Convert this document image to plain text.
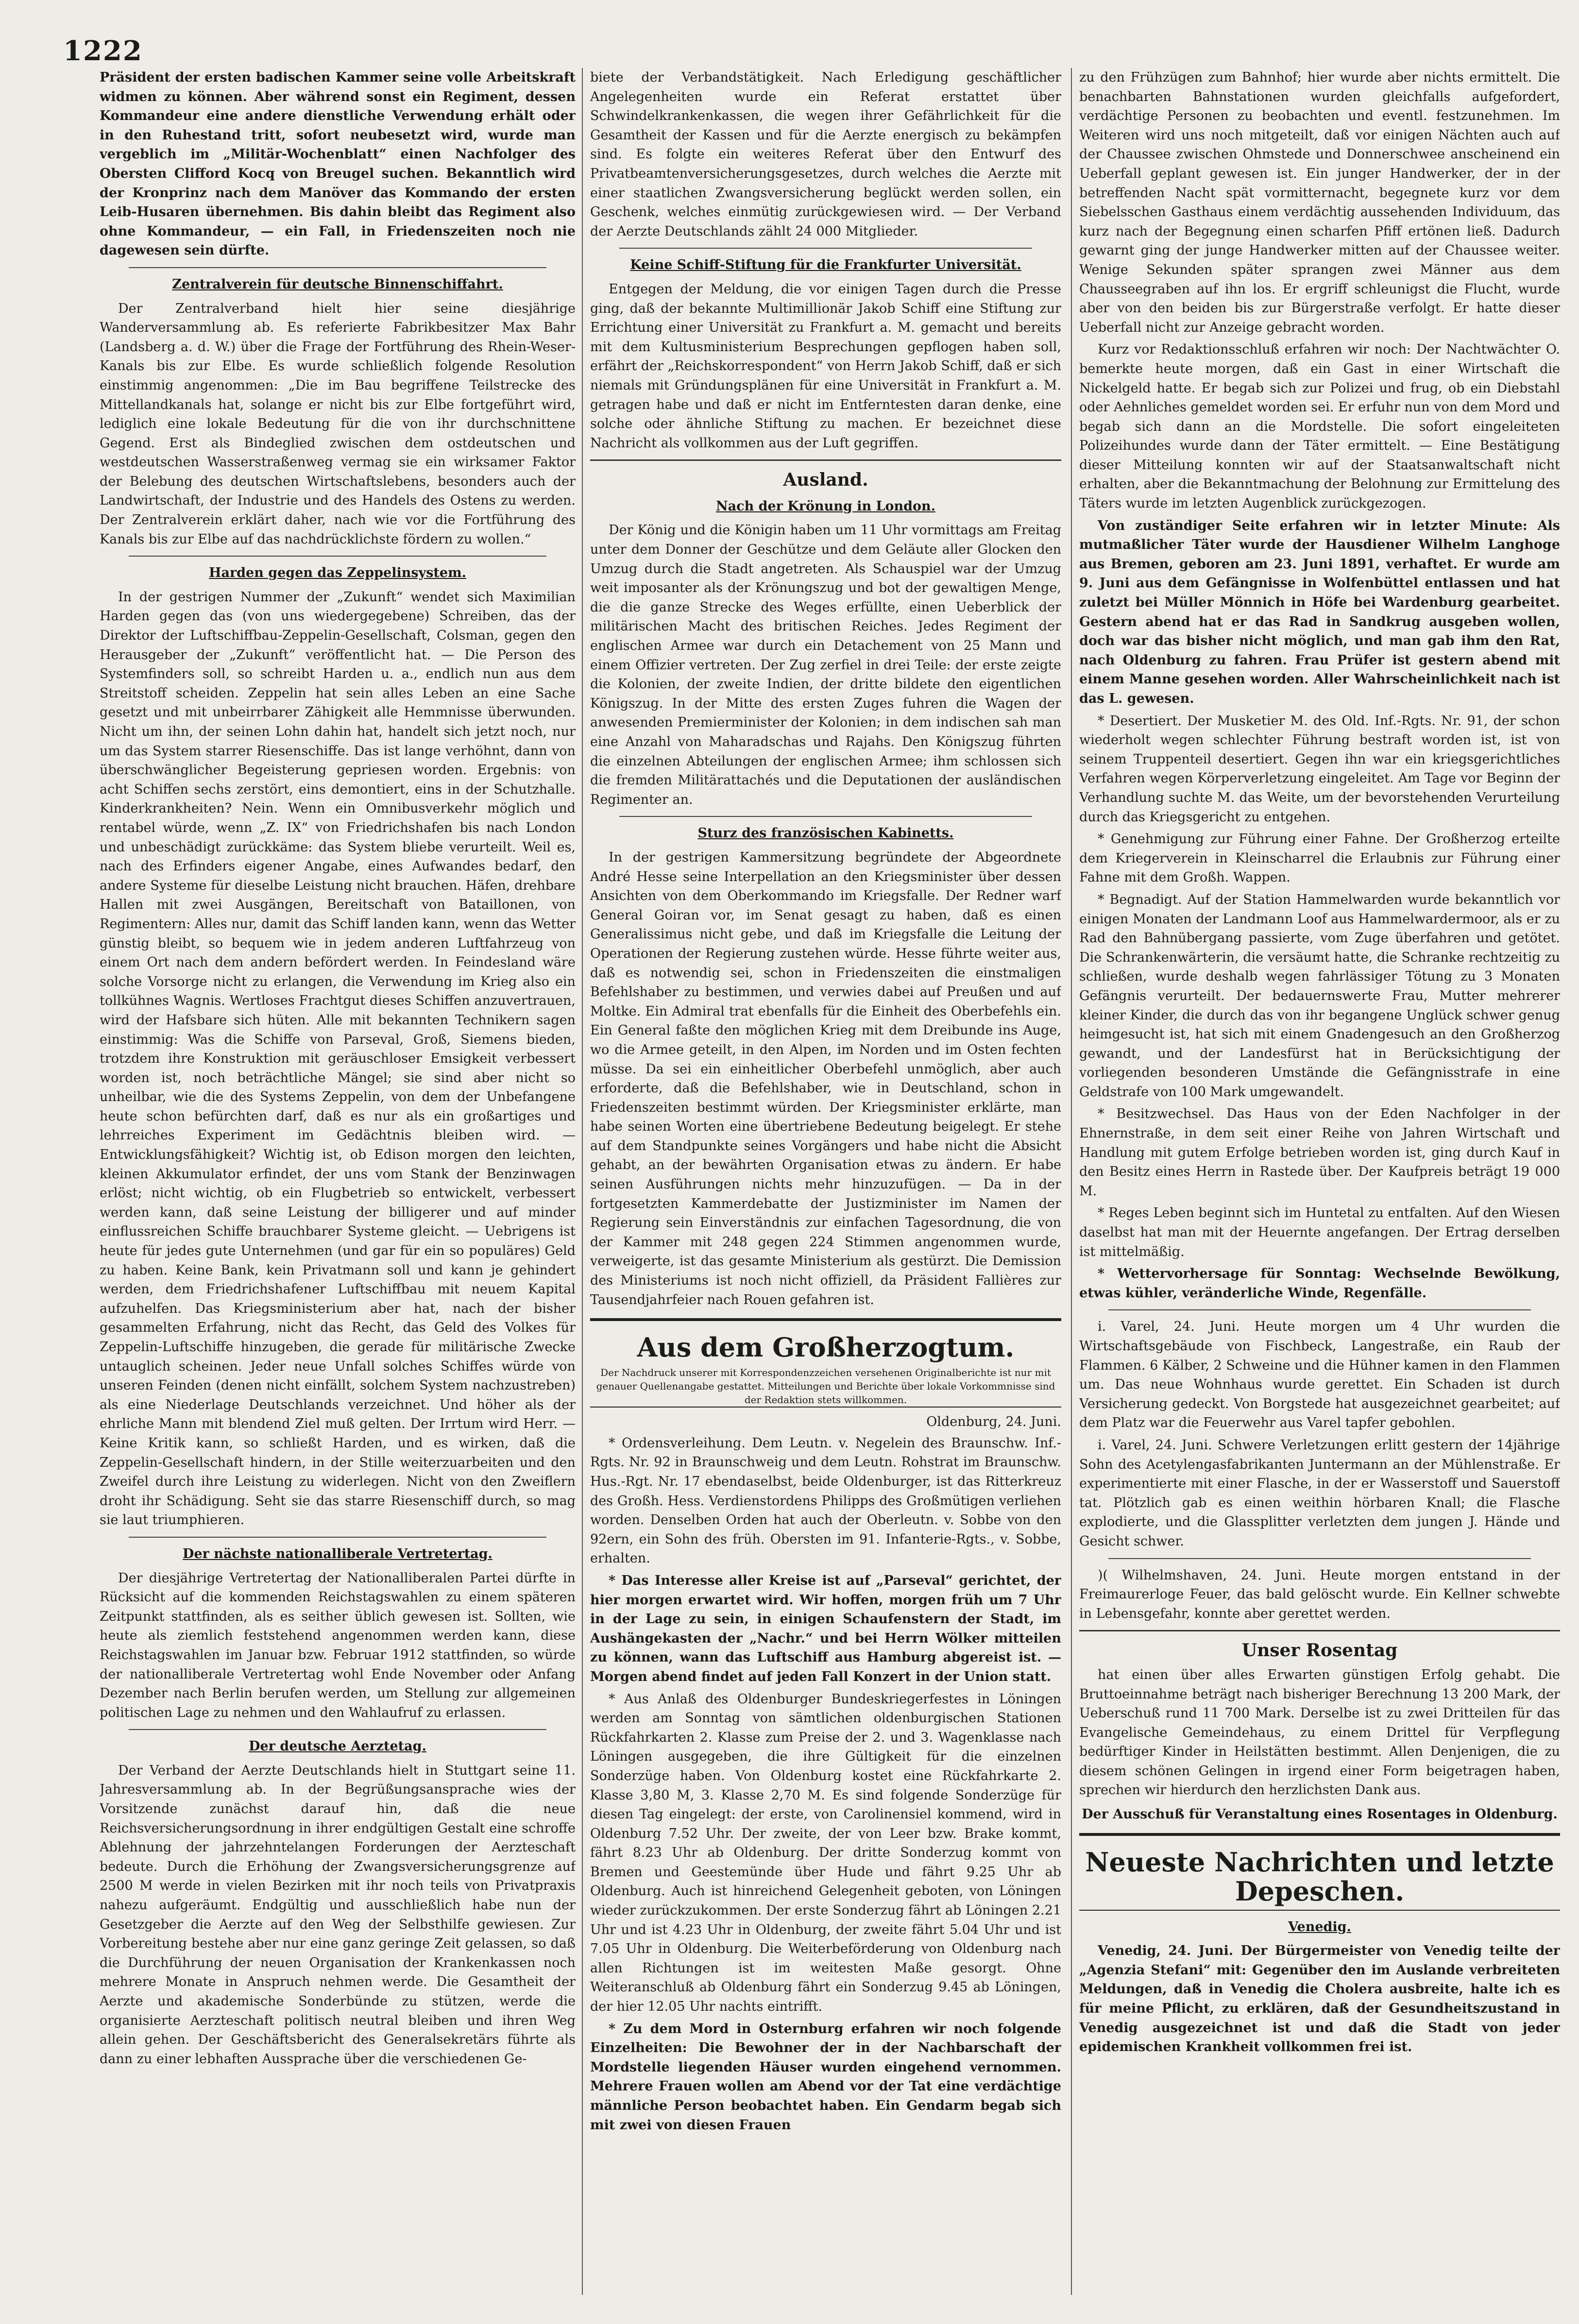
1222

Präsident der ersten badischen Kammer seine volle Arbeitskraft widmen zu können. Aber während sonst ein Regiment, dessen Kommandeur eine andere dienstliche Verwendung erhält oder in den Ruhestand tritt, sofort neubesetzt wird, wurde man vergeblich im „Militär-Wochenblatt“ einen Nachfolger des Obersten Clifford Kocq von Breugel suchen. Bekanntlich wird der Kronprinz nach dem Manöver das Kommando der ersten Leib-Husaren übernehmen. Bis dahin bleibt das Regiment also ohne Kommandeur, — ein Fall, in Friedenszeiten noch nie dagewesen sein dürfte.

Zentralverein für deutsche Binnenschiffahrt.

Der Zentralverband hielt hier seine diesjährige Wanderversammlung ab. Es referierte Fabrikbesitzer Max Bahr (Landsberg a. d. W.) über die Frage der Fortführung des Rhein-Weser-Kanals bis zur Elbe. Es wurde schließlich folgende Resolution einstimmig angenommen: „Die im Bau begriffene Teilstrecke des Mittellandkanals hat, solange er nicht bis zur Elbe fortgeführt wird, lediglich eine lokale Bedeutung für die von ihr durchschnittene Gegend. Erst als Bindeglied zwischen dem ostdeutschen und westdeutschen Wasserstraßenweg vermag sie ein wirksamer Faktor der Belebung des deutschen Wirtschaftslebens, besonders auch der Landwirtschaft, der Industrie und des Handels des Ostens zu werden. Der Zentralverein erklärt daher, nach wie vor die Fortführung des Kanals bis zur Elbe auf das nachdrücklichste fördern zu wollen.“

Harden gegen das Zeppelinsystem.

In der gestrigen Nummer der „Zukunft“ wendet sich Maximilian Harden gegen das (von uns wiedergegebene) Schreiben, das der Direktor der Luftschiffbau-Zeppelin-Gesellschaft, Colsman, gegen den Herausgeber der „Zukunft“ veröffentlicht hat. — Die Person des Systemfinders soll, so schreibt Harden u. a., endlich nun aus dem Streitstoff scheiden. Zeppelin hat sein alles Leben an eine Sache gesetzt und mit unbeirrbarer Zähigkeit alle Hemmnisse überwunden. Nicht um ihn, der seinen Lohn dahin hat, handelt sich jetzt noch, nur um das System starrer Riesenschiffe. Das ist lange verhöhnt, dann von überschwänglicher Begeisterung gepriesen worden. Ergebnis: von acht Schiffen sechs zerstört, eins demontiert, eins in der Schutzhalle. Kinderkrankheiten? Nein. Wenn ein Omnibusverkehr möglich und rentabel würde, wenn „Z. IX“ von Friedrichshafen bis nach London und unbeschädigt zurückkäme: das System bliebe verurteilt. Weil es, nach des Erfinders eigener Angabe, eines Aufwandes bedarf, den andere Systeme für dieselbe Leistung nicht brauchen. Häfen, drehbare Hallen mit zwei Ausgängen, Bereitschaft von Bataillonen, von Regimentern: Alles nur, damit das Schiff landen kann, wenn das Wetter günstig bleibt, so bequem wie in jedem anderen Luftfahrzeug von einem Ort nach dem andern befördert werden. In Feindesland wäre solche Vorsorge nicht zu erlangen, die Verwendung im Krieg also ein tollkühnes Wagnis. Wertloses Frachtgut dieses Schiffen anzuvertrauen, wird der Hafsbare sich hüten. Alle mit bekannten Technikern sagen einstimmig: Was die Schiffe von Parseval, Groß, Siemens bieden, trotzdem ihre Konstruktion mit geräuschloser Emsigkeit verbessert worden ist, noch beträchtliche Mängel; sie sind aber nicht so unheilbar, wie die des Systems Zeppelin, von dem der Unbefangene heute schon befürchten darf, daß es nur als ein großartiges und lehrreiches Experiment im Gedächtnis bleiben wird. — Entwicklungsfähigkeit? Wichtig ist, ob Edison morgen den leichten, kleinen Akkumulator erfindet, der uns vom Stank der Benzinwagen erlöst; nicht wichtig, ob ein Flugbetrieb so entwickelt, verbessert werden kann, daß seine Leistung der billigerer und auf minder einflussreichen Schiffe brauchbarer Systeme gleicht. — Uebrigens ist heute für jedes gute Unternehmen (und gar für ein so populäres) Geld zu haben. Keine Bank, kein Privatmann soll und kann je gehindert werden, dem Friedrichshafener Luftschiffbau mit neuem Kapital aufzuhelfen. Das Kriegsministerium aber hat, nach der bisher gesammelten Erfahrung, nicht das Recht, das Geld des Volkes für Zeppelin-Luftschiffe hinzugeben, die gerade für militärische Zwecke untauglich scheinen. Jeder neue Unfall solches Schiffes würde von unseren Feinden (denen nicht einfällt, solchem System nachzustreben) als eine Niederlage Deutschlands verzeichnet. Und höher als der ehrliche Mann mit blendend Ziel muß gelten. Der Irrtum wird Herr. — Keine Kritik kann, so schließt Harden, und es wirken, daß die Zeppelin-Gesellschaft hindern, in der Stille weiterzuarbeiten und den Zweifel durch ihre Leistung zu widerlegen. Nicht von den Zweiflern droht ihr Schädigung. Seht sie das starre Riesenschiff durch, so mag sie laut triumphieren.

Der nächste nationalliberale Vertretertag.

Der diesjährige Vertretertag der Nationalliberalen Partei dürfte in Rücksicht auf die kommenden Reichstagswahlen zu einem späteren Zeitpunkt stattfinden, als es seither üblich gewesen ist. Sollten, wie heute als ziemlich feststehend angenommen werden kann, diese Reichstagswahlen im Januar bzw. Februar 1912 stattfinden, so würde der nationalliberale Vertretertag wohl Ende November oder Anfang Dezember nach Berlin berufen werden, um Stellung zur allgemeinen politischen Lage zu nehmen und den Wahlaufruf zu erlassen.

Der deutsche Aerztetag.

Der Verband der Aerzte Deutschlands hielt in Stuttgart seine 11. Jahresversammlung ab. In der Begrüßungsansprache wies der Vorsitzende zunächst darauf hin, daß die neue Reichsversicherungsordnung in ihrer endgültigen Gestalt eine schroffe Ablehnung der jahrzehntelangen Forderungen der Aerzteschaft bedeute. Durch die Erhöhung der Zwangsversicherungsgrenze auf 2500 M werde in vielen Bezirken mit ihr noch teils von Privatpraxis nahezu aufgeräumt. Endgültig und ausschließlich habe nun der Gesetzgeber die Aerzte auf den Weg der Selbsthilfe gewiesen. Zur Vorbereitung bestehe aber nur eine ganz geringe Zeit gelassen, so daß die Durchführung der neuen Organisation der Krankenkassen noch mehrere Monate in Anspruch nehmen werde. Die Gesamtheit der Aerzte und akademische Sonderbünde zu stützen, werde die organisierte Aerzteschaft politisch neutral bleiben und ihren Weg allein gehen. Der Geschäftsbericht des Generalsekretärs führte als dann zu einer lebhaften Aussprache über die verschiedenen Ge-

biete der Verbandstätigkeit. Nach Erledigung geschäftlicher Angelegenheiten wurde ein Referat erstattet über Schwindelkrankenkassen, die wegen ihrer Gefährlichkeit für die Gesamtheit der Kassen und für die Aerzte energisch zu bekämpfen sind. Es folgte ein weiteres Referat über den Entwurf des Privatbeamtenversicherungsgesetzes, durch welches die Aerzte mit einer staatlichen Zwangsversicherung beglückt werden sollen, ein Geschenk, welches einmütig zurückgewiesen wird. — Der Verband der Aerzte Deutschlands zählt 24 000 Mitglieder.

Keine Schiff-Stiftung für die Frankfurter Universität.

Entgegen der Meldung, die vor einigen Tagen durch die Presse ging, daß der bekannte Multimillionär Jakob Schiff eine Stiftung zur Errichtung einer Universität zu Frankfurt a. M. gemacht und bereits mit dem Kultusministerium Besprechungen gepflogen haben soll, erfährt der „Reichskorrespondent“ von Herrn Jakob Schiff, daß er sich niemals mit Gründungsplänen für eine Universität in Frankfurt a. M. getragen habe und daß er nicht im Entferntesten daran denke, eine solche oder ähnliche Stiftung zu machen. Er bezeichnet diese Nachricht als vollkommen aus der Luft gegriffen.

Ausland.
Nach der Krönung in London.

Der König und die Königin haben um 11 Uhr vormittags am Freitag unter dem Donner der Geschütze und dem Geläute aller Glocken den Umzug durch die Stadt angetreten. Als Schauspiel war der Umzug weit imposanter als der Krönungszug und bot der gewaltigen Menge, die die ganze Strecke des Weges erfüllte, einen Ueberblick der militärischen Macht des britischen Reiches. Jedes Regiment der englischen Armee war durch ein Detachement von 25 Mann und einem Offizier vertreten. Der Zug zerfiel in drei Teile: der erste zeigte die Kolonien, der zweite Indien, der dritte bildete den eigentlichen Königszug. In der Mitte des ersten Zuges fuhren die Wagen der anwesenden Premierminister der Kolonien; in dem indischen sah man eine Anzahl von Maharadschas und Rajahs. Den Königszug führten die einzelnen Abteilungen der englischen Armee; ihm schlossen sich die fremden Militärattachés und die Deputationen der ausländischen Regimenter an.

Sturz des französischen Kabinetts.

In der gestrigen Kammersitzung begründete der Abgeordnete André Hesse seine Interpellation an den Kriegsminister über dessen Ansichten von dem Oberkommando im Kriegsfalle. Der Redner warf General Goiran vor, im Senat gesagt zu haben, daß es einen Generalissimus nicht gebe, und daß im Kriegsfalle die Leitung der Operationen der Regierung zustehen würde. Hesse führte weiter aus, daß es notwendig sei, schon in Friedenszeiten die einstmaligen Befehlshaber zu bestimmen, und verwies dabei auf Preußen und auf Moltke. Ein Admiral trat ebenfalls für die Einheit des Oberbefehls ein. Ein General faßte den möglichen Krieg mit dem Dreibunde ins Auge, wo die Armee geteilt, in den Alpen, im Norden und im Osten fechten müsse. Da sei ein einheitlicher Oberbefehl unmöglich, aber auch erforderte, daß die Befehlshaber, wie in Deutschland, schon in Friedenszeiten bestimmt würden. Der Kriegsminister erklärte, man habe seinen Worten eine übertriebene Bedeutung beigelegt. Er stehe auf dem Standpunkte seines Vorgängers und habe nicht die Absicht gehabt, an der bewährten Organisation etwas zu ändern. Er habe seinen Ausführungen nichts mehr hinzuzufügen. — Da in der fortgesetzten Kammerdebatte der Justizminister im Namen der Regierung sein Einverständnis zur einfachen Tagesordnung, die von der Kammer mit 248 gegen 224 Stimmen angenommen wurde, verweigerte, ist das gesamte Ministerium als gestürzt. Die Demission des Ministeriums ist noch nicht offiziell, da Präsident Fallières zur Tausendjahrfeier nach Rouen gefahren ist.

Aus dem Großherzogtum.
Der Nachdruck unserer mit Korrespondenzzeichen versehenen Originalberichte ist nur mit genauer Quellenangabe gestattet. Mitteilungen und Berichte über lokale Vorkommnisse sind der Redaktion stets willkommen.
Oldenburg, 24. Juni.

* Ordensverleihung. Dem Leutn. v. Negelein des Braunschw. Inf.-Rgts. Nr. 92 in Braunschweig und dem Leutn. Rohstrat im Braunschw. Hus.-Rgt. Nr. 17 ebendaselbst, beide Oldenburger, ist das Ritterkreuz des Großh. Hess. Verdienstordens Philipps des Großmütigen verliehen worden. Denselben Orden hat auch der Oberleutn. v. Sobbe von den 92ern, ein Sohn des früh. Obersten im 91. Infanterie-Rgts., v. Sobbe, erhalten.

* Das Interesse aller Kreise ist auf „Parseval“ gerichtet, der hier morgen erwartet wird. Wir hoffen, morgen früh um 7 Uhr in der Lage zu sein, in einigen Schaufenstern der Stadt, im Aushängekasten der „Nachr.“ und bei Herrn Wölker mitteilen zu können, wann das Luftschiff aus Hamburg abgereist ist. — Morgen abend findet auf jeden Fall Konzert in der Union statt.

* Aus Anlaß des Oldenburger Bundeskriegerfestes in Löningen werden am Sonntag von sämtlichen oldenburgischen Stationen Rückfahrkarten 2. Klasse zum Preise der 2. und 3. Wagenklasse nach Löningen ausgegeben, die ihre Gültigkeit für die einzelnen Sonderzüge haben. Von Oldenburg kostet eine Rückfahrkarte 2. Klasse 3,80 M, 3. Klasse 2,70 M. Es sind folgende Sonderzüge für diesen Tag eingelegt: der erste, von Carolinensiel kommend, wird in Oldenburg 7.52 Uhr. Der zweite, der von Leer bzw. Brake kommt, fährt 8.23 Uhr ab Oldenburg. Der dritte Sonderzug kommt von Bremen und Geestemünde über Hude und fährt 9.25 Uhr ab Oldenburg. Auch ist hinreichend Gelegenheit geboten, von Löningen wieder zurückzukommen. Der erste Sonderzug fährt ab Löningen 2.21 Uhr und ist 4.23 Uhr in Oldenburg, der zweite fährt 5.04 Uhr und ist 7.05 Uhr in Oldenburg. Die Weiterbeförderung von Oldenburg nach allen Richtungen ist im weitesten Maße gesorgt. Ohne Weiteranschluß ab Oldenburg fährt ein Sonderzug 9.45 ab Löningen, der hier 12.05 Uhr nachts eintrifft.

* Zu dem Mord in Osternburg erfahren wir noch folgende Einzelheiten: Die Bewohner der in der Nachbarschaft der Mordstelle liegenden Häuser wurden eingehend vernommen. Mehrere Frauen wollen am Abend vor der Tat eine verdächtige männliche Person beobachtet haben. Ein Gendarm begab sich mit zwei von diesen Frauen

zu den Frühzügen zum Bahnhof; hier wurde aber nichts ermittelt. Die benachbarten Bahnstationen wurden gleichfalls aufgefordert, verdächtige Personen zu beobachten und eventl. festzunehmen. Im Weiteren wird uns noch mitgeteilt, daß vor einigen Nächten auch auf der Chaussee zwischen Ohmstede und Donnerschwee anscheinend ein Ueberfall geplant gewesen ist. Ein junger Handwerker, der in der betreffenden Nacht spät vormitternacht, begegnete kurz vor dem Siebelsschen Gasthaus einem verdächtig aussehenden Individuum, das kurz nach der Begegnung einen scharfen Pfiff ertönen ließ. Dadurch gewarnt ging der junge Handwerker mitten auf der Chaussee weiter. Wenige Sekunden später sprangen zwei Männer aus dem Chausseegraben auf ihn los. Er ergriff schleunigst die Flucht, wurde aber von den beiden bis zur Bürgerstraße verfolgt. Er hatte dieser Ueberfall nicht zur Anzeige gebracht worden.

Kurz vor Redaktionsschluß erfahren wir noch: Der Nachtwächter O. bemerkte heute morgen, daß ein Gast in einer Wirtschaft die Nickelgeld hatte. Er begab sich zur Polizei und frug, ob ein Diebstahl oder Aehnliches gemeldet worden sei. Er erfuhr nun von dem Mord und begab sich dann an die Mordstelle. Die sofort eingeleiteten Polizeihundes wurde dann der Täter ermittelt. — Eine Bestätigung dieser Mitteilung konnten wir auf der Staatsanwaltschaft nicht erhalten, aber die Bekanntmachung der Belohnung zur Ermittelung des Täters wurde im letzten Augenblick zurückgezogen.

Von zuständiger Seite erfahren wir in letzter Minute: Als mutmaßlicher Täter wurde der Hausdiener Wilhelm Langhoge aus Bremen, geboren am 23. Juni 1891, verhaftet. Er wurde am 9. Juni aus dem Gefängnisse in Wolfenbüttel entlassen und hat zuletzt bei Müller Mönnich in Höfe bei Wardenburg gearbeitet. Gestern abend hat er das Rad in Sandkrug ausgeben wollen, doch war das bisher nicht möglich, und man gab ihm den Rat, nach Oldenburg zu fahren. Frau Prüfer ist gestern abend mit einem Manne gesehen worden. Aller Wahrscheinlichkeit nach ist das L. gewesen.

* Desertiert. Der Musketier M. des Old. Inf.-Rgts. Nr. 91, der schon wiederholt wegen schlechter Führung bestraft worden ist, ist von seinem Truppenteil desertiert. Gegen ihn war ein kriegsgerichtliches Verfahren wegen Körperverletzung eingeleitet. Am Tage vor Beginn der Verhandlung suchte M. das Weite, um der bevorstehenden Verurteilung durch das Kriegsgericht zu entgehen.

* Genehmigung zur Führung einer Fahne. Der Großherzog erteilte dem Kriegerverein in Kleinscharrel die Erlaubnis zur Führung einer Fahne mit dem Großh. Wappen.

* Begnadigt. Auf der Station Hammelwarden wurde bekanntlich vor einigen Monaten der Landmann Loof aus Hammelwardermoor, als er zu Rad den Bahnübergang passierte, vom Zuge überfahren und getötet. Die Schrankenwärterin, die versäumt hatte, die Schranke rechtzeitig zu schließen, wurde deshalb wegen fahrlässiger Tötung zu 3 Monaten Gefängnis verurteilt. Der bedauernswerte Frau, Mutter mehrerer kleiner Kinder, die durch das von ihr begangene Unglück schwer genug heimgesucht ist, hat sich mit einem Gnadengesuch an den Großherzog gewandt, und der Landesfürst hat in Berücksichtigung der vorliegenden besonderen Umstände die Gefängnisstrafe in eine Geldstrafe von 100 Mark umgewandelt.

* Besitzwechsel. Das Haus von der Eden Nachfolger in der Ehnernstraße, in dem seit einer Reihe von Jahren Wirtschaft und Handlung mit gutem Erfolge betrieben worden ist, ging durch Kauf in den Besitz eines Herrn in Rastede über. Der Kaufpreis beträgt 19 000 M.

* Reges Leben beginnt sich im Huntetal zu entfalten. Auf den Wiesen daselbst hat man mit der Heuernte angefangen. Der Ertrag derselben ist mittelmäßig.

* Wettervorhersage für Sonntag: Wechselnde Bewölkung, etwas kühler, veränderliche Winde, Regenfälle.

i. Varel, 24. Juni. Heute morgen um 4 Uhr wurden die Wirtschaftsgebäude von Fischbeck, Langestraße, ein Raub der Flammen. 6 Kälber, 2 Schweine und die Hühner kamen in den Flammen um. Das neue Wohnhaus wurde gerettet. Ein Schaden ist durch Versicherung gedeckt. Von Borgstede hat ausgezeichnet gearbeitet; auf dem Platz war die Feuerwehr aus Varel tapfer gebohlen.

i. Varel, 24. Juni. Schwere Verletzungen erlitt gestern der 14jährige Sohn des Acetylengasfabrikanten Juntermann an der Mühlenstraße. Er experimentierte mit einer Flasche, in der er Wasserstoff und Sauerstoff tat. Plötzlich gab es einen weithin hörbaren Knall; die Flasche explodierte, und die Glassplitter verletzten dem jungen J. Hände und Gesicht schwer.

)( Wilhelmshaven, 24. Juni. Heute morgen entstand in der Freimaurerloge Feuer, das bald gelöscht wurde. Ein Kellner schwebte in Lebensgefahr, konnte aber gerettet werden.

Unser Rosentag

hat einen über alles Erwarten günstigen Erfolg gehabt. Die Bruttoeinnahme beträgt nach bisheriger Berechnung 13 200 Mark, der Ueberschuß rund 11 700 Mark. Derselbe ist zu zwei Dritteilen für das Evangelische Gemeindehaus, zu einem Drittel für Verpflegung bedürftiger Kinder in Heilstätten bestimmt. Allen Denjenigen, die zu diesem schönen Gelingen in irgend einer Form beigetragen haben, sprechen wir hierdurch den herzlichsten Dank aus.

Der Ausschuß für Veranstaltung eines Rosentages in Oldenburg.
Neueste Nachrichten und letzte Depeschen.
Venedig.

Venedig, 24. Juni. Der Bürgermeister von Venedig teilte der „Agenzia Stefani“ mit: Gegenüber den im Auslande verbreiteten Meldungen, daß in Venedig die Cholera ausbreite, halte ich es für meine Pflicht, zu erklären, daß der Gesundheitszustand in Venedig ausgezeichnet ist und daß die Stadt von jeder epidemischen Krankheit vollkommen frei ist.
